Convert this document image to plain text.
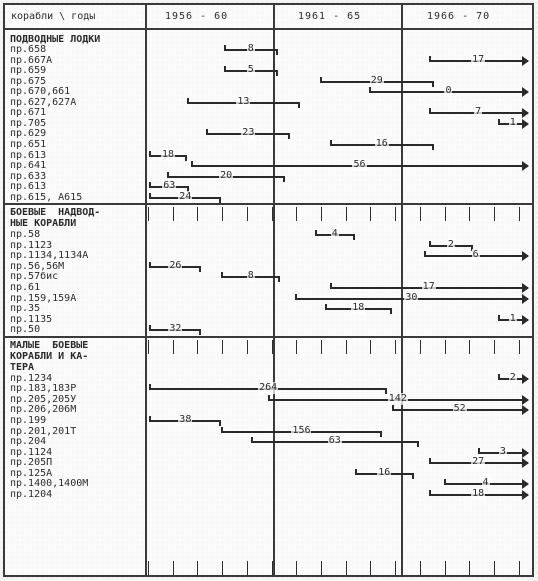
корабли \ годы	1956 - 60	1961 - 65	1966 - 70
ПОДВОДНЫЕ ЛОДКИ
пр.658	8
пр.667А	17
пр.659	5
пр.675	29
пр.670,661	0
пр.627,627А	13
пр.671	7
пр.705	1
пр.629	23
пр.651	16
пр.613	18
пр.641	56
пр.633	20
пр.613	63
пр.615, А615	24
БОЕВЫЕ  НАДВОД-
НЫЕ КОРАБЛИ
пр.58	4
пр.1123	2
пр.1134,1134А	6
пр.56,56М	26
пр.57бис	8
пр.61	17
пр.159,159А	30
пр.35	18
пр.1135	1
пр.50	32
МАЛЫЕ  БОЕВЫЕ
КОРАБЛИ И КА-
ТЕРА
пр.1234	2
пр.183,183Р	264
пр.205,205У	142
пр.206,206М	52
пр.199	38
пр.201,201Т	156
пр.204	63
пр.1124	3
пр.205П	27
пр.125А	16
пр.1400,1400М	4
пр.1204	18
